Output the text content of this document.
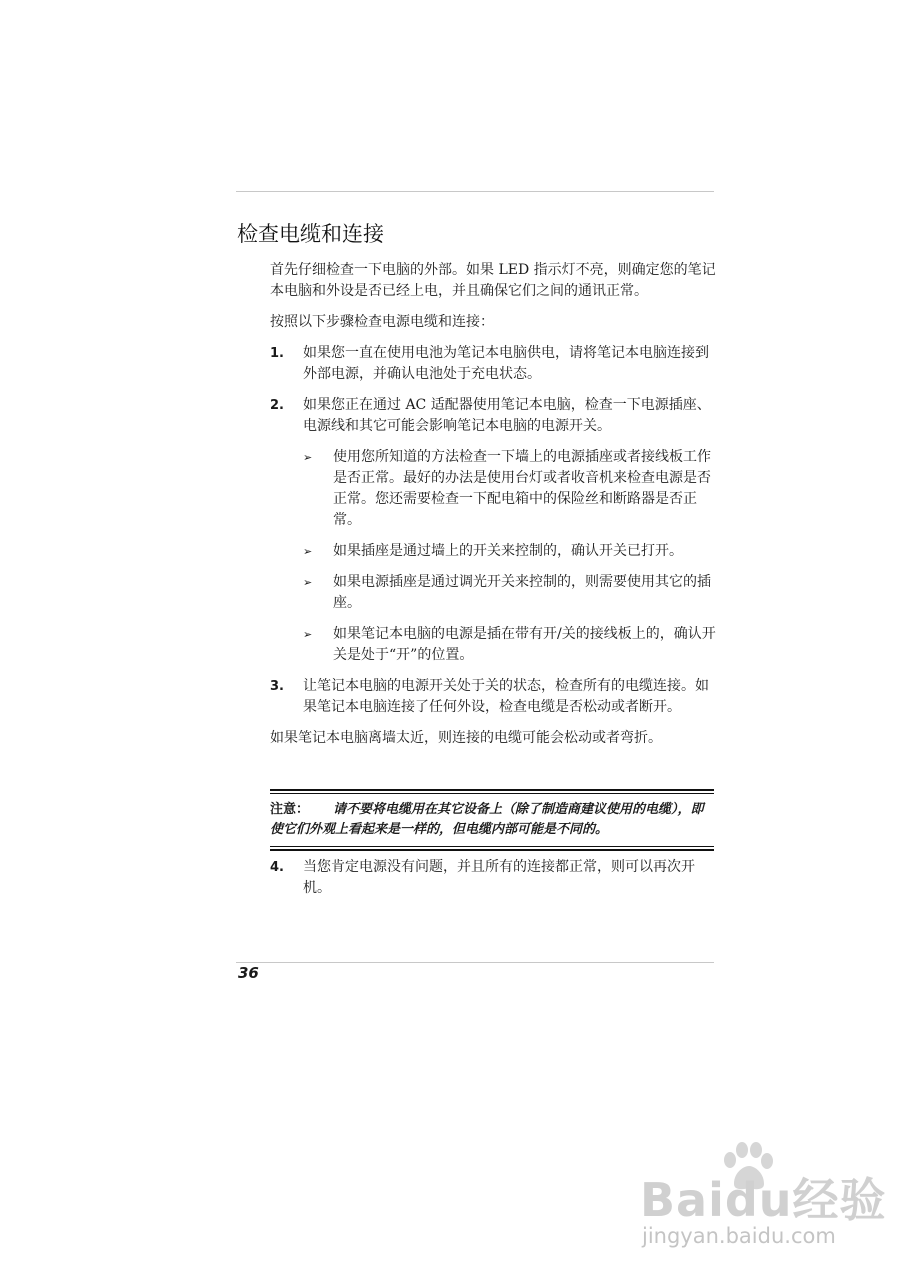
检查电缆和连接

首先仔细检查一下电脑的外部。如果 LED 指示灯不亮，则确定您的笔记本电脑和外设是否已经上电，并且确保它们之间的通讯正常。

按照以下步骤检查电源电缆和连接：

1. 如果您一直在使用电池为笔记本电脑供电，请将笔记本电脑连接到外部电源，并确认电池处于充电状态。
2. 如果您正在通过 AC 适配器使用笔记本电脑，检查一下电源插座、电源线和其它可能会影响笔记本电脑的电源开关。
➢ 使用您所知道的方法检查一下墙上的电源插座或者接线板工作是否正常。最好的办法是使用台灯或者收音机来检查电源是否正常。您还需要检查一下配电箱中的保险丝和断路器是否正常。
➢ 如果插座是通过墙上的开关来控制的，确认开关已打开。
➢ 如果电源插座是通过调光开关来控制的，则需要使用其它的插座。
➢ 如果笔记本电脑的电源是插在带有开/关的接线板上的，确认开关是处于“开”的位置。
3. 让笔记本电脑的电源开关处于关的状态，检查所有的电缆连接。如果笔记本电脑连接了任何外设，检查电缆是否松动或者断开。

如果笔记本电脑离墙太近，则连接的电缆可能会松动或者弯折。

注意： 请不要将电缆用在其它设备上（除了制造商建议使用的电缆），即使它们外观上看起来是一样的，但电缆内部可能是不同的。
4. 当您肯定电源没有问题，并且所有的连接都正常，则可以再次开机。
36
Baidu经验
jingyan.baidu.com
